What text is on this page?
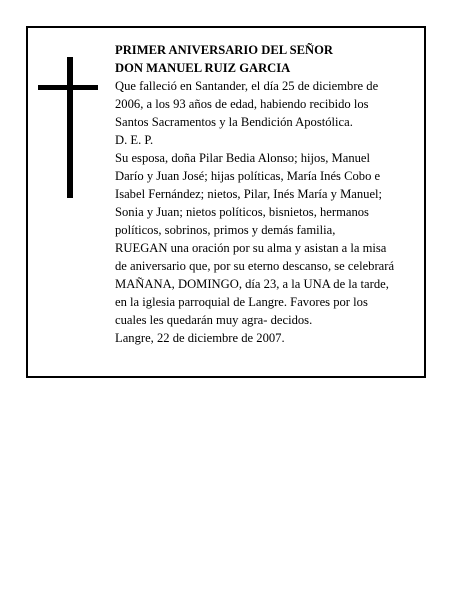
PRIMER ANIVERSARIO DEL SEÑOR
DON MANUEL RUIZ GARCIA
Que falleció en Santander, el día 25 de diciembre de
2006, a los 93 años de edad, habiendo recibido los
Santos Sacramentos y la Bendición Apostólica.
D. E. P.
Su esposa, doña Pilar Bedia Alonso; hijos, Manuel
Darío y Juan José; hijas políticas, María Inés Cobo e
Isabel Fernández; nietos, Pilar, Inés María y Manuel;
Sonia y Juan; nietos políticos, bisnietos, hermanos
políticos, sobrinos, primos y demás familia,
RUEGAN una oración por su alma y asistan a la misa
de aniversario que, por su eterno descanso, se celebrará
MAÑANA, DOMINGO, día 23, a la UNA de la tarde,
en la iglesia parroquial de Langre. Favores por los
cuales les quedarán muy agra- decidos.
Langre, 22 de diciembre de 2007.
